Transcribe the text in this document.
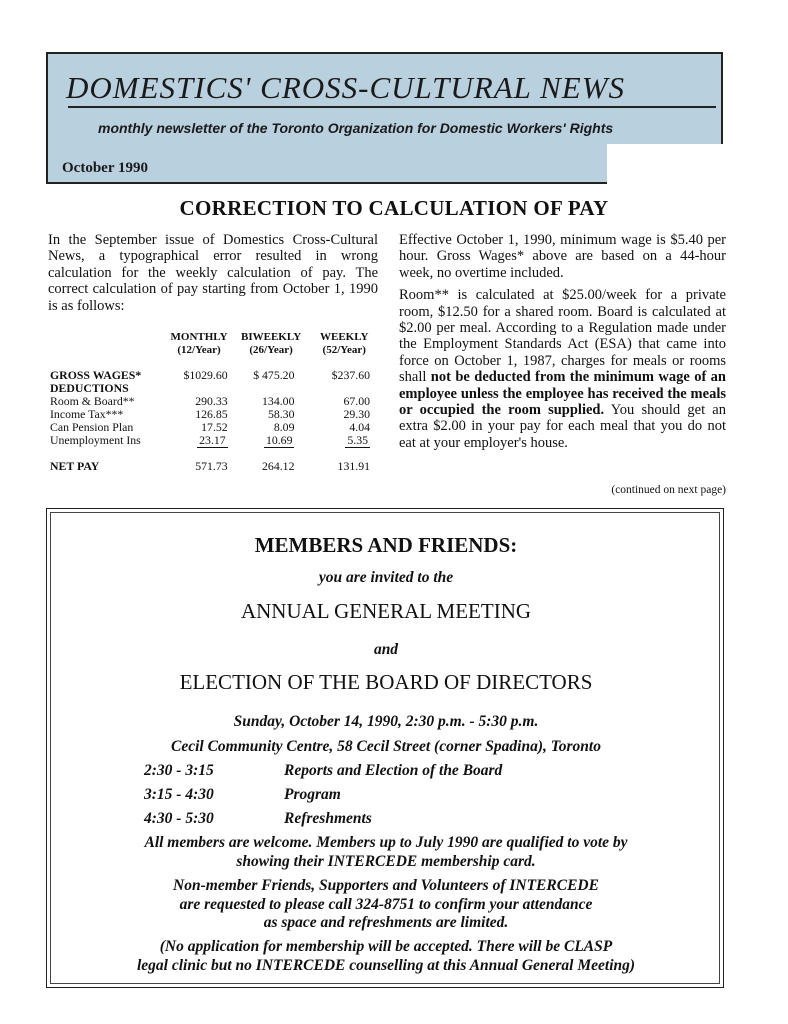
DOMESTICS' CROSS-CULTURAL NEWS
monthly newsletter of the Toronto Organization for Domestic Workers' Rights
October 1990
CORRECTION TO CALCULATION OF PAY

In the September issue of Domestics Cross-Cultural News, a typographical error resulted in wrong calculation for the weekly calculation of pay. The correct calculation of pay starting from October 1, 1990 is as follows:

	MONTHLY	BIWEEKLY	WEEKLY
	(12/Year)	(26/Year)	(52/Year)
GROSS WAGES*	$1029.60	$ 475.20	$237.60
DEDUCTIONS			
Room & Board**	290.33	134.00	67.00
Income Tax***	126.85	58.30	29.30
Can Pension Plan	17.52	8.09	4.04
Unemployment Ins	23.17	10.69	5.35

NET PAY	571.73	264.12	131.91

Effective October 1, 1990, minimum wage is $5.40 per hour. Gross Wages* above are based on a 44-hour week, no overtime included.

Room** is calculated at $25.00/week for a private room, $12.50 for a shared room. Board is calculated at $2.00 per meal. According to a Regulation made under the Employment Standards Act (ESA) that came into force on October 1, 1987, charges for meals or rooms shall not be deducted from the minimum wage of an employee unless the employee has received the meals or occupied the room supplied. You should get an extra $2.00 in your pay for each meal that you do not eat at your employer's house.

(continued on next page)
MEMBERS AND FRIENDS:
you are invited to the
ANNUAL GENERAL MEETING
and
ELECTION OF THE BOARD OF DIRECTORS
Sunday, October 14, 1990, 2:30 p.m. - 5:30 p.m.
Cecil Community Centre, 58 Cecil Street (corner Spadina), Toronto
2:30 - 3:15	Reports and Election of the Board
3:15 - 4:30	Program
4:30 - 5:30	Refreshments
All members are welcome. Members up to July 1990 are qualified to vote by
showing their INTERCEDE membership card.
Non-member Friends, Supporters and Volunteers of INTERCEDE
are requested to please call 324-8751 to confirm your attendance
as space and refreshments are limited.
(No application for membership will be accepted. There will be CLASP
legal clinic but no INTERCEDE counselling at this Annual General Meeting)
